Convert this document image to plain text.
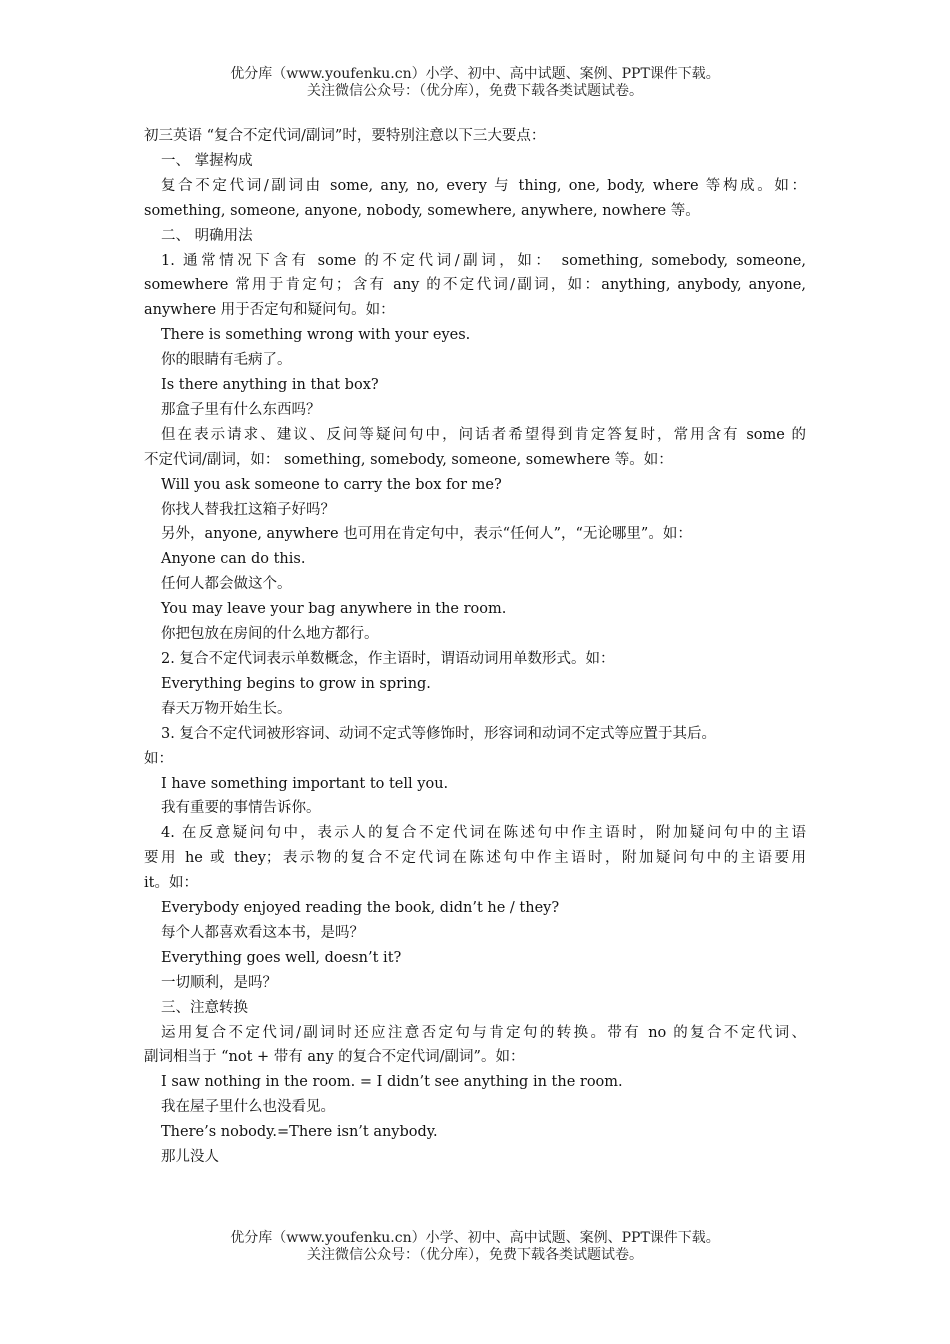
优分库（www.youfenku.cn）小学、初中、高中试题、案例、PPT课件下载。
关注微信公众号：（优分库），免费下载各类试题试卷。
初三英语 “复合不定代词/副词”时，要特别注意以下三大要点：
一、 掌握构成
复合不定代词/副词由 some, any, no, every 与 thing, one, body, where 等构成。如：
something, someone, anyone, nobody, somewhere, anywhere, nowhere 等。
二、 明确用法
1. 通常情况下含有 some 的不定代词/副词，如： something, somebody, someone,
somewhere 常用于肯定句；含有 any 的不定代词/副词，如：anything, anybody, anyone,
anywhere 用于否定句和疑问句。如：
There is something wrong with your eyes.
你的眼睛有毛病了。
Is there anything in that box?
那盒子里有什么东西吗？
但在表示请求、建议、反问等疑问句中，问话者希望得到肯定答复时，常用含有 some 的
不定代词/副词，如： something, somebody, someone, somewhere 等。如：
Will you ask someone to carry the box for me?
你找人替我扛这箱子好吗？
另外，anyone, anywhere 也可用在肯定句中，表示“任何人”，“无论哪里”。如：
Anyone can do this.
任何人都会做这个。
You may leave your bag anywhere in the room.
你把包放在房间的什么地方都行。
2. 复合不定代词表示单数概念，作主语时，谓语动词用单数形式。如：
Everything begins to grow in spring.
春天万物开始生长。
3. 复合不定代词被形容词、动词不定式等修饰时，形容词和动词不定式等应置于其后。
如：
I have something important to tell you.
我有重要的事情告诉你。
4. 在反意疑问句中，表示人的复合不定代词在陈述句中作主语时，附加疑问句中的主语
要用 he 或 they；表示物的复合不定代词在陈述句中作主语时，附加疑问句中的主语要用
it。如：
Everybody enjoyed reading the book, didn’t he / they?
每个人都喜欢看这本书，是吗？
Everything goes well, doesn’t it?
一切顺利，是吗？
三、注意转换
运用复合不定代词/副词时还应注意否定句与肯定句的转换。带有 no 的复合不定代词、
副词相当于 “not + 带有 any 的复合不定代词/副词”。如：
I saw nothing in the room. = I didn’t see anything in the room.
我在屋子里什么也没看见。
There’s nobody.=There isn’t anybody.
那儿没人
优分库（www.youfenku.cn）小学、初中、高中试题、案例、PPT课件下载。
关注微信公众号：（优分库），免费下载各类试题试卷。
